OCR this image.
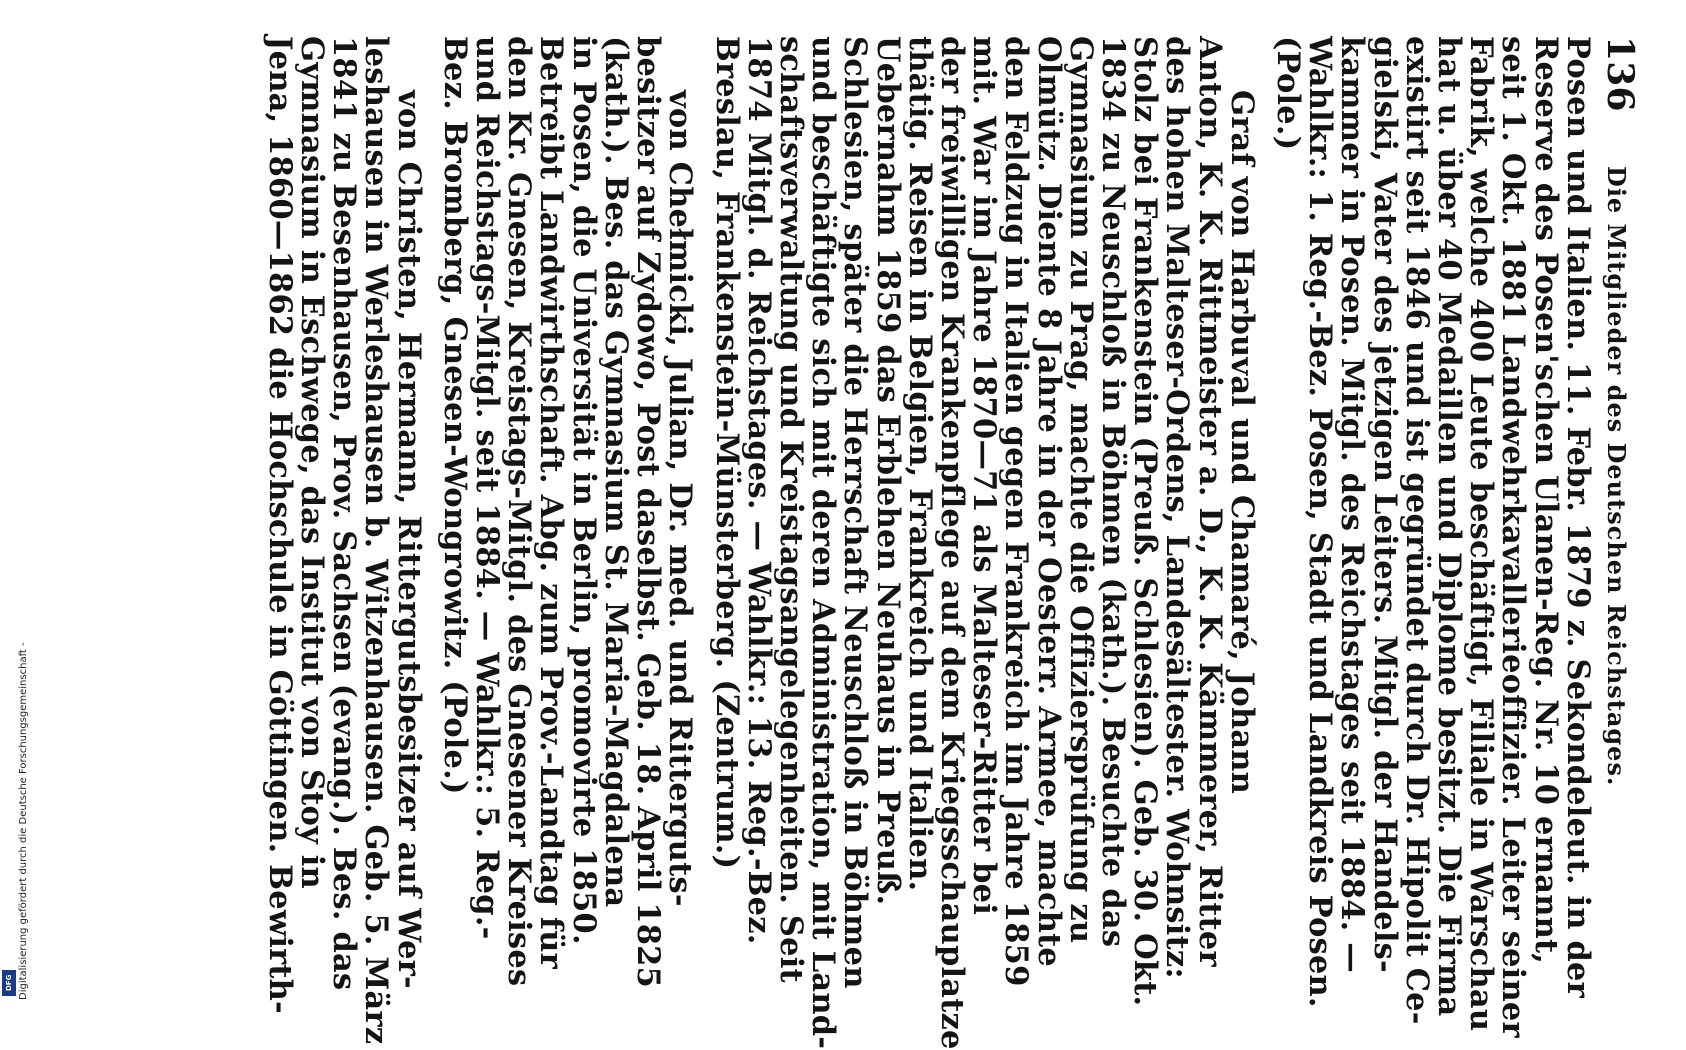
136
Die Mitglieder des Deutschen Reichstages.
Posen und Italien. 11. Febr. 1879 z. Sekondeleut. in der
Reserve des Posen'schen Ulanen-Reg. Nr. 10 ernannt,
seit 1. Okt. 1881 Landwehrkavallerieoffizier. Leiter seiner
Fabrik, welche 400 Leute beschäftigt, Filiale in Warschau
hat u. über 40 Medaillen und Diplome besitzt. Die Firma
existirt seit 1846 und ist gegründet durch Dr. Hipolit Ce-
gielski, Vater des jetzigen Leiters. Mitgl. der Handels-
kammer in Posen. Mitgl. des Reichstages seit 1884. —
Wahlkr.: 1. Reg.-Bez. Posen, Stadt und Landkreis Posen.
(Pole.)
Graf von Harbuval und Chamaré, Johann
Anton, K. K. Rittmeister a. D., K. K. Kämmerer, Ritter
des hohen Malteser-Ordens, Landesältester. Wohnsitz:
Stolz bei Frankenstein (Preuß. Schlesien). Geb. 30. Okt.
1834 zu Neuschloß in Böhmen (kath.). Besuchte das
Gymnasium zu Prag, machte die Offiziersprüfung zu
Olmütz. Diente 8 Jahre in der Oesterr. Armee, machte
den Feldzug in Italien gegen Frankreich im Jahre 1859
mit. War im Jahre 1870—71 als Malteser-Ritter bei
der freiwilligen Krankenpflege auf dem Kriegsschauplatze
thätig. Reisen in Belgien, Frankreich und Italien.
Uebernahm 1859 das Erblehen Neuhaus in Preuß.
Schlesien, später die Herrschaft Neuschloß in Böhmen
und beschäftigte sich mit deren Administration, mit Land-
schaftsverwaltung und Kreistagsangelegenheiten. Seit
1874 Mitgl. d. Reichstages. — Wahlkr.: 13. Reg.-Bez.
Breslau, Frankenstein-Münsterberg. (Zentrum.)
von Chełmicki, Julian, Dr. med. und Ritterguts-
besitzer auf Zydowo, Post daselbst. Geb. 18. April 1825
(kath.). Bes. das Gymnasium St. Maria-Magdalena
in Posen, die Universität in Berlin, promovirte 1850.
Betreibt Landwirthschaft. Abg. zum Prov.-Landtag für
den Kr. Gnesen, Kreistags-Mitgl. des Gnesener Kreises
und Reichstags-Mitgl. seit 1884. — Wahlkr.: 5. Reg.-
Bez. Bromberg, Gnesen-Wongrowitz. (Pole.)
von Christen, Hermann, Rittergutsbesitzer auf Wer-
leshausen in Werleshausen b. Witzenhausen. Geb. 5. März
1841 zu Besenhausen, Prov. Sachsen (evang.). Bes. das
Gymnasium in Eschwege, das Institut von Stoy in
Jena, 1860—1862 die Hochschule in Göttingen. Bewirth-
Digitalisierung gefördert durch die Deutsche Forschungsgemeinschaft -
DFG
